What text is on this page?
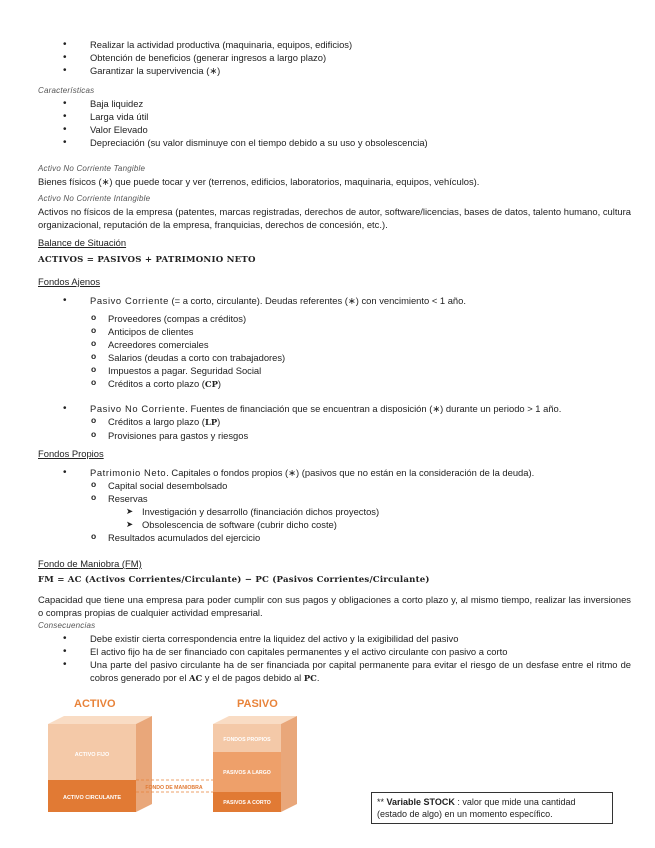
• Realizar la actividad productiva (maquinaria, equipos, edificios)
• Obtención de beneficios (generar ingresos a largo plazo)
• Garantizar la supervivencia (∗)
Características
• Baja liquidez
• Larga vida útil
• Valor Elevado
• Depreciación (su valor disminuye con el tiempo debido a su uso y obsolescencia)
Activo No Corriente Tangible
Bienes físicos (∗) que puede tocar y ver (terrenos, edificios, laboratorios, maquinaria, equipos, vehículos).
Activo No Corriente Intangible
Activos no físicos de la empresa (patentes, marcas registradas, derechos de autor, software/licencias, bases de datos, talento humano, cultura organizacional, reputación de la empresa, franquicias, derechos de concesión, etc.).
Balance de Situación
ACTIVOS = PASIVOS + PATRIMONIO NETO
Fondos Ajenos
• Pasivo Corriente (= a corto, circulante). Deudas referentes (∗) con vencimiento < 1 año.
o Proveedores (compas a créditos)
o Anticipos de clientes
o Acreedores comerciales
o Salarios (deudas a corto con trabajadores)
o Impuestos a pagar. Seguridad Social
o Créditos a corto plazo (CP)
• Pasivo No Corriente. Fuentes de financiación que se encuentran a disposición (∗) durante un periodo > 1 año.
o Créditos a largo plazo (LP)
o Provisiones para gastos y riesgos
Fondos Propios
• Patrimonio Neto. Capitales o fondos propios (∗) (pasivos que no están en la consideración de la deuda).
o Capital social desembolsado
o Reservas
➤ Investigación y desarrollo (financiación dichos proyectos)
➤ Obsolescencia de software (cubrir dicho coste)
o Resultados acumulados del ejercicio
Fondo de Maniobra (FM)
FM = AC (Activos Corrientes/Circulante) − PC (Pasivos Corrientes/Circulante)
Capacidad que tiene una empresa para poder cumplir con sus pagos y obligaciones a corto plazo y, al mismo tiempo, realizar las inversiones o compras propias de cualquier actividad empresarial.
Consecuencias
• Debe existir cierta correspondencia entre la liquidez del activo y la exigibilidad del pasivo
• El activo fijo ha de ser financiado con capitales permanentes y el activo circulante con pasivo a corto
• Una parte del pasivo circulante ha de ser financiada por capital permanente para evitar el riesgo de un desfase entre el ritmo de cobros generado por el AC y el de pagos debido al PC.
ACTIVO	PASIVO
ACTIVO FIJO
ACTIVO CIRCULANTE
FONDOS PROPIOS
PASIVOS A LARGO
PASIVOS A CORTO
FONDO DE MANIOBRA
** Variable STOCK : valor que mide una cantidad (estado de algo) en un momento específico.
